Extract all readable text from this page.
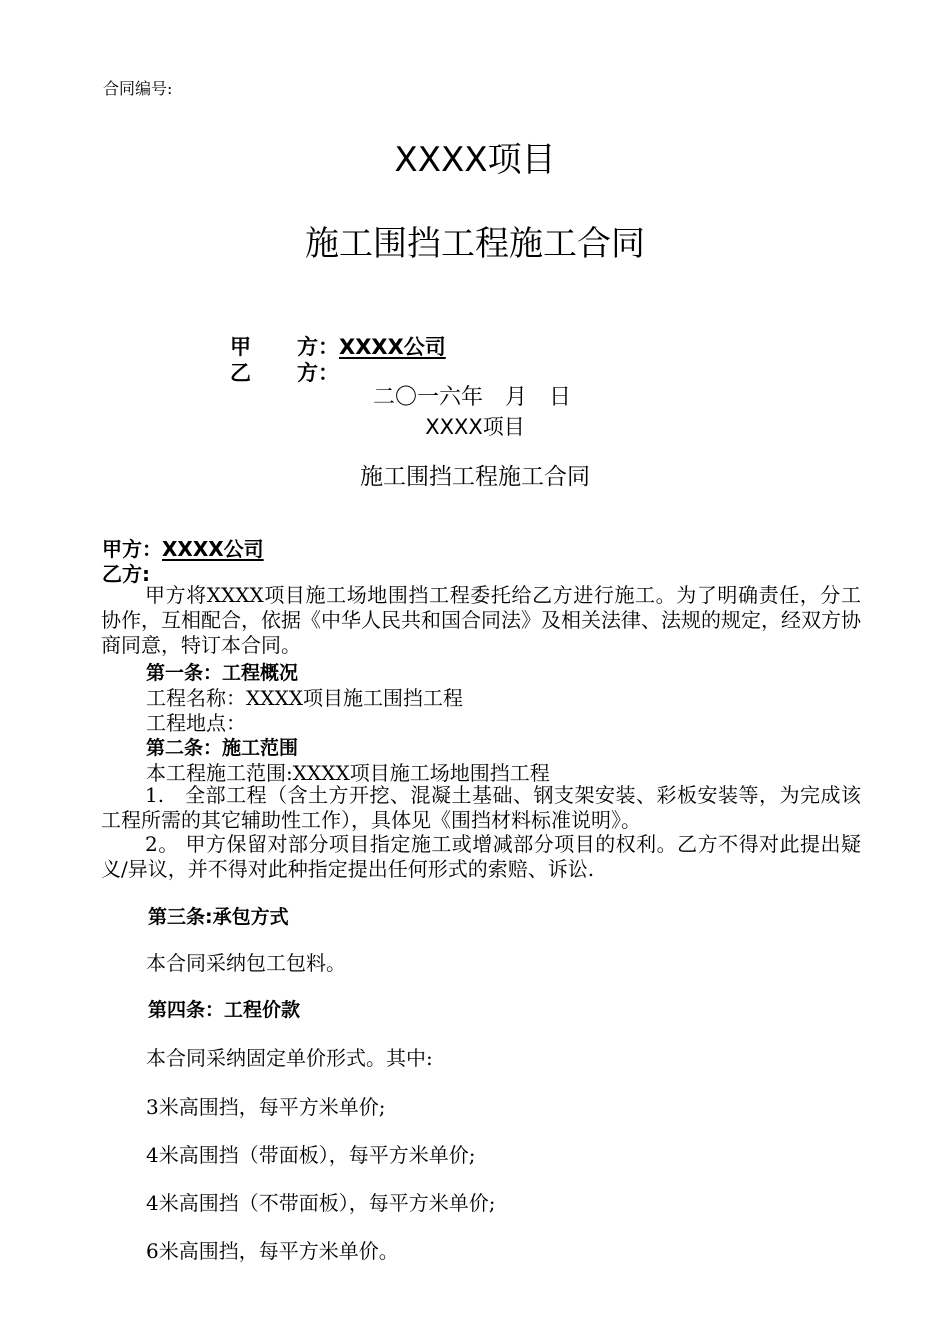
合同编号:
XXXX项目
施工围挡工程施工合同
甲 方：XXXX公司
乙 方：
二〇一六年　月　日
XXXX项目
施工围挡工程施工合同
甲方：XXXX公司
乙方:
甲方将XXXX项目施工场地围挡工程委托给乙方进行施工。为了明确责任，分工协作，互相配合，依据《中华人民共和国合同法》及相关法律、法规的规定，经双方协商同意，特订本合同。
第一条：工程概况
工程名称：XXXX项目施工围挡工程
工程地点：
第二条：施工范围
本工程施工范围:XXXX项目施工场地围挡工程
1.　全部工程（含土方开挖、混凝土基础、钢支架安装、彩板安装等，为完成该工程所需的其它辅助性工作），具体见《围挡材料标准说明》。
2。 甲方保留对部分项目指定施工或增减部分项目的权利。乙方不得对此提出疑义/异议，并不得对此种指定提出任何形式的索赔、诉讼.
第三条:承包方式
本合同采纳包工包料。
第四条：工程价款
本合同采纳固定单价形式。其中:
3米高围挡，每平方米单价;
4米高围挡（带面板），每平方米单价;
4米高围挡（不带面板），每平方米单价;
6米高围挡，每平方米单价。
